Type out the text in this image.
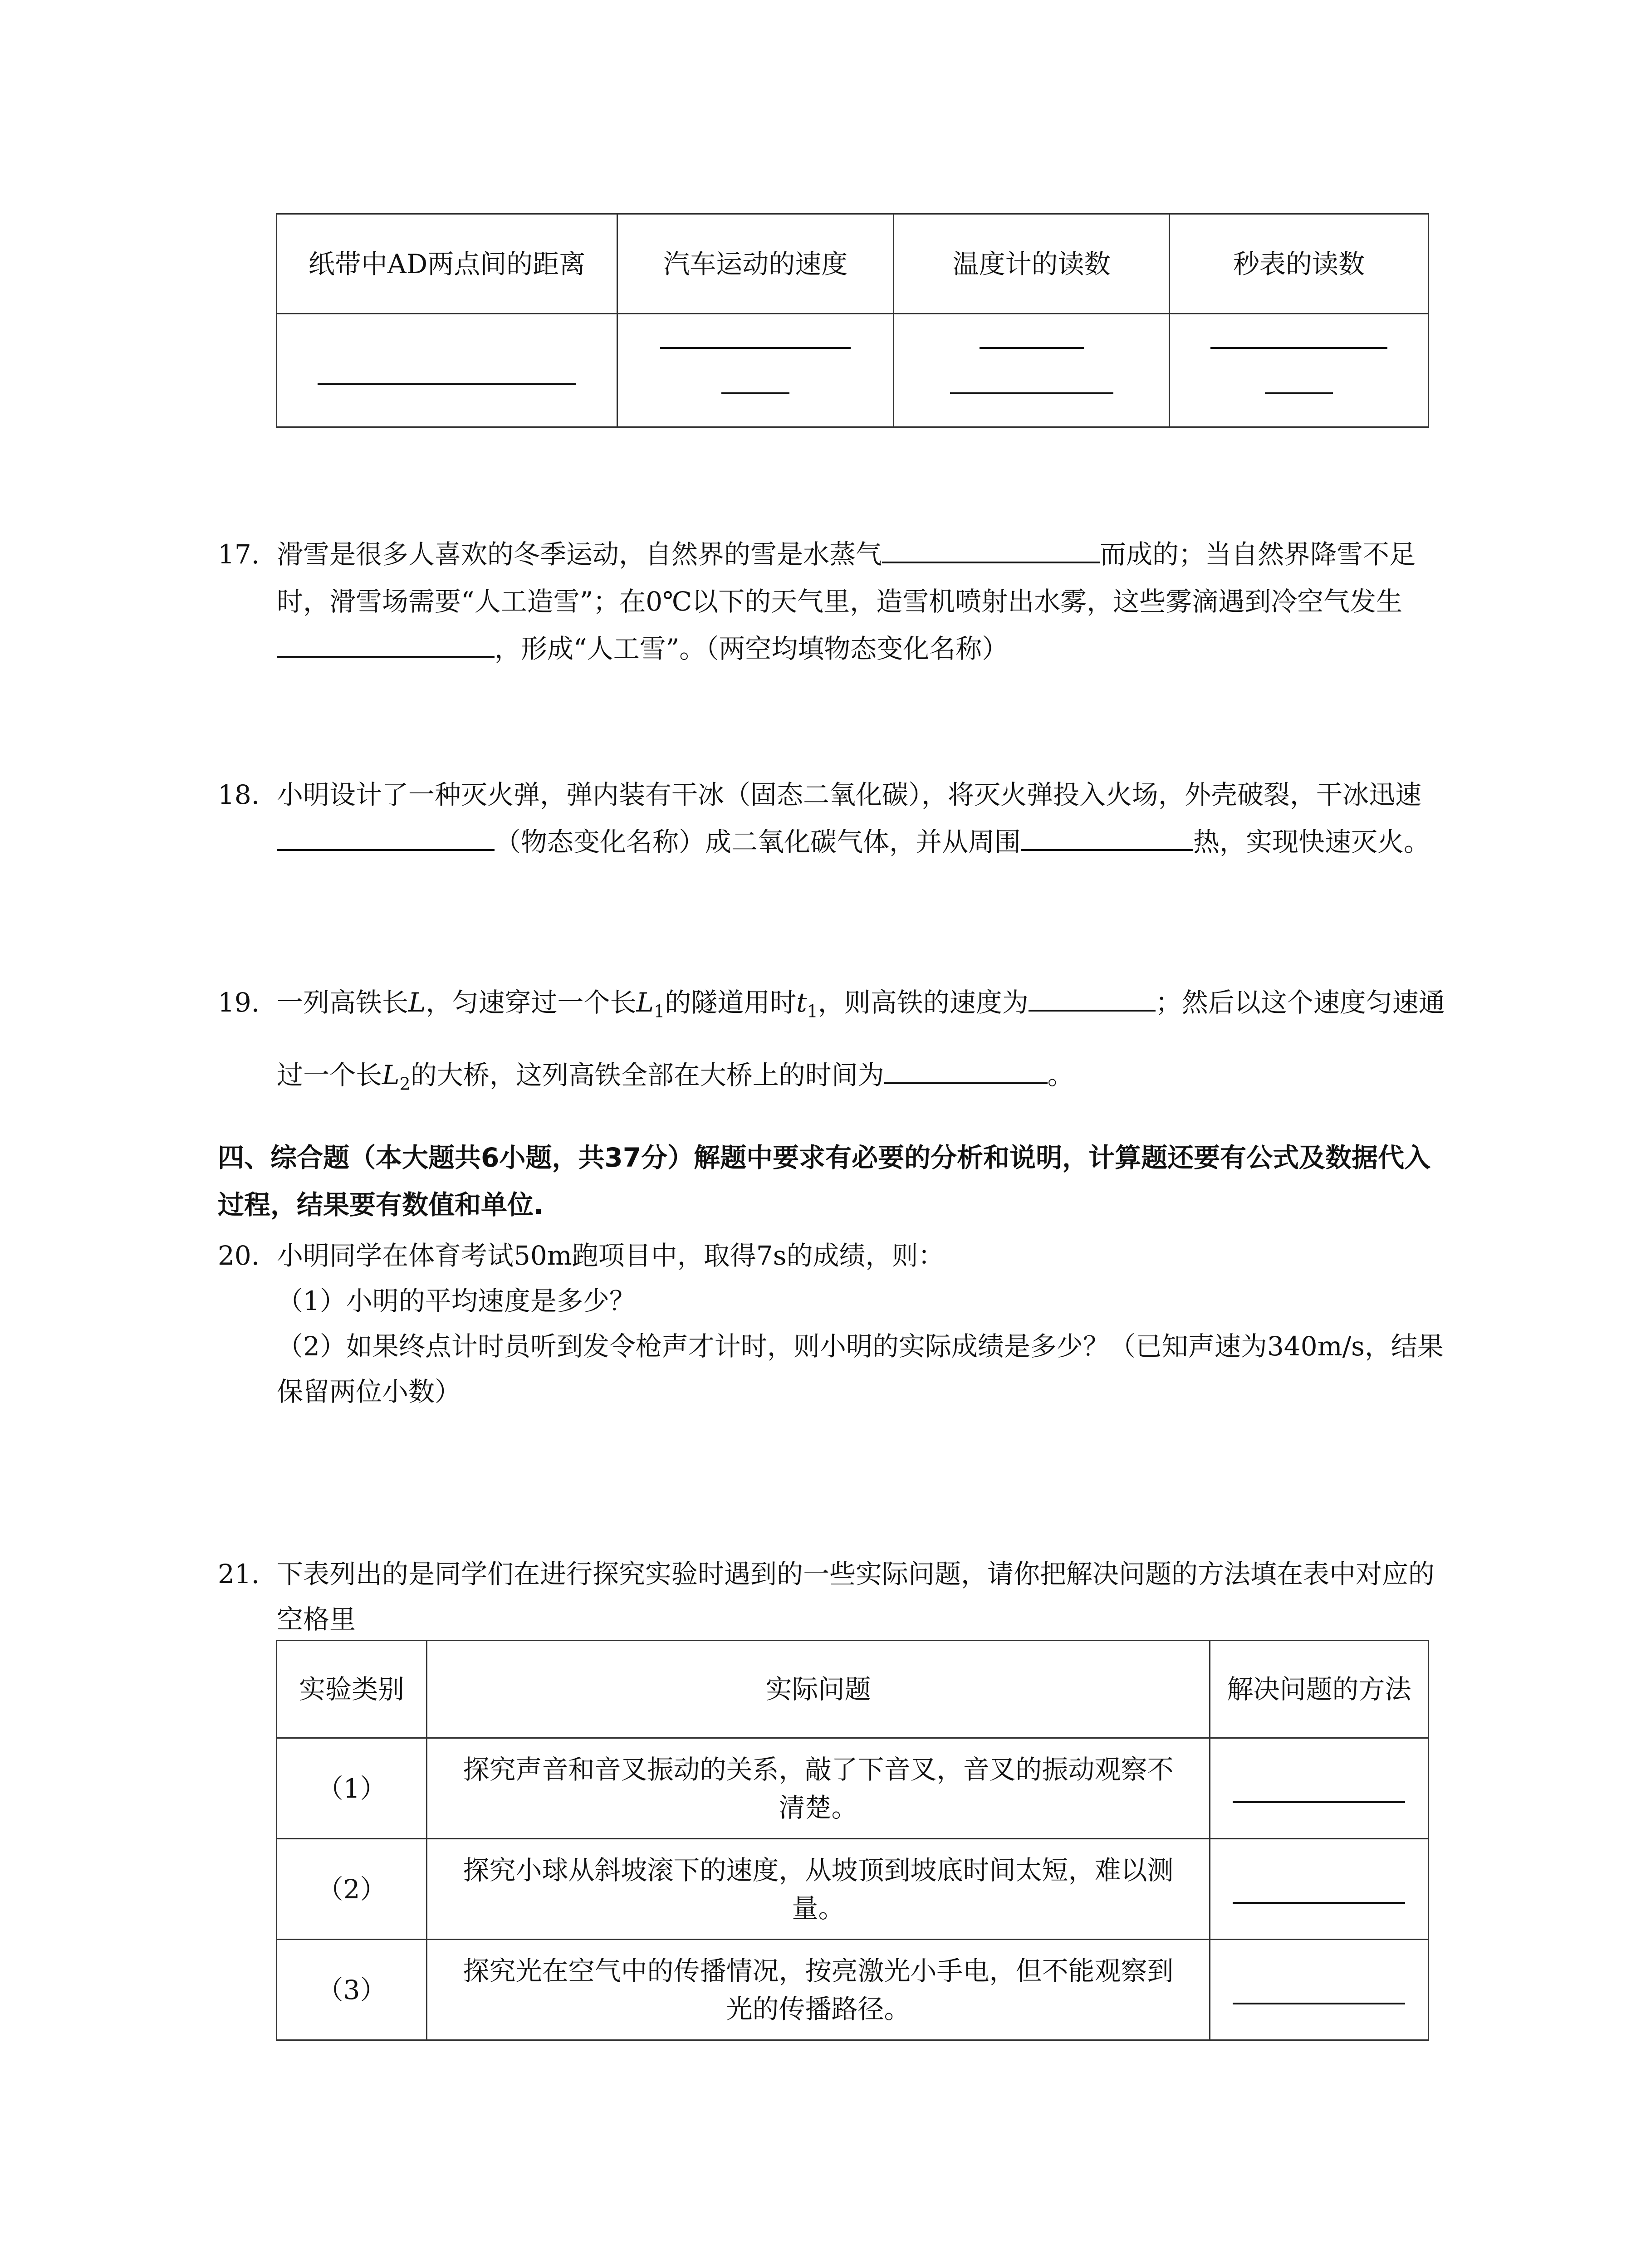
纸带中AD两点间的距离	汽车运动的速度	温度计的读数	秒表的读数

17. 滑雪是很多人喜欢的冬季运动，自然界的雪是水蒸气	而成的；当自然界降雪不足时，滑雪场需要“人工造雪”；在0℃以下的天气里，造雪机喷射出水雾，这些雾滴遇到冷空气发生，形成“人工雪”。（两空均填物态变化名称）
18. 小明设计了一种灭火弹，弹内装有干冰（固态二氧化碳），将灭火弹投入火场，外壳破裂，干冰迅速（物态变化名称）成二氧化碳气体，并从周围	热，实现快速灭火。
19. 一列高铁长L，匀速穿过一个长$L_1$的隧道用时$t_1$，则高铁的速度为	；然后以这个速度匀速通过一个长$L_2$的大桥，这列高铁全部在大桥上的时间为	。
四、综合题（本大题共6小题，共37分）解题中要求有必要的分析和说明，计算题还要有公式及数据代入过程，结果要有数值和单位.
20. 小明同学在体育考试50m跑项目中，取得7s的成绩，则：
（1）小明的平均速度是多少？
（2）如果终点计时员听到发令枪声才计时，则小明的实际成绩是多少？（已知声速为340m/s，结果保留两位小数）
21. 下表列出的是同学们在进行探究实验时遇到的一些实际问题，请你把解决问题的方法填在表中对应的空格里
实验类别	实际问题	解决问题的方法
（1）	探究声音和音叉振动的关系，敲了下音叉，音叉的振动观察不清楚。	

（2）	探究小球从斜坡滚下的速度，从坡顶到坡底时间太短，难以测量。	

（3）	探究光在空气中的传播情况，按亮激光小手电，但不能观察到光的传播路径。	
